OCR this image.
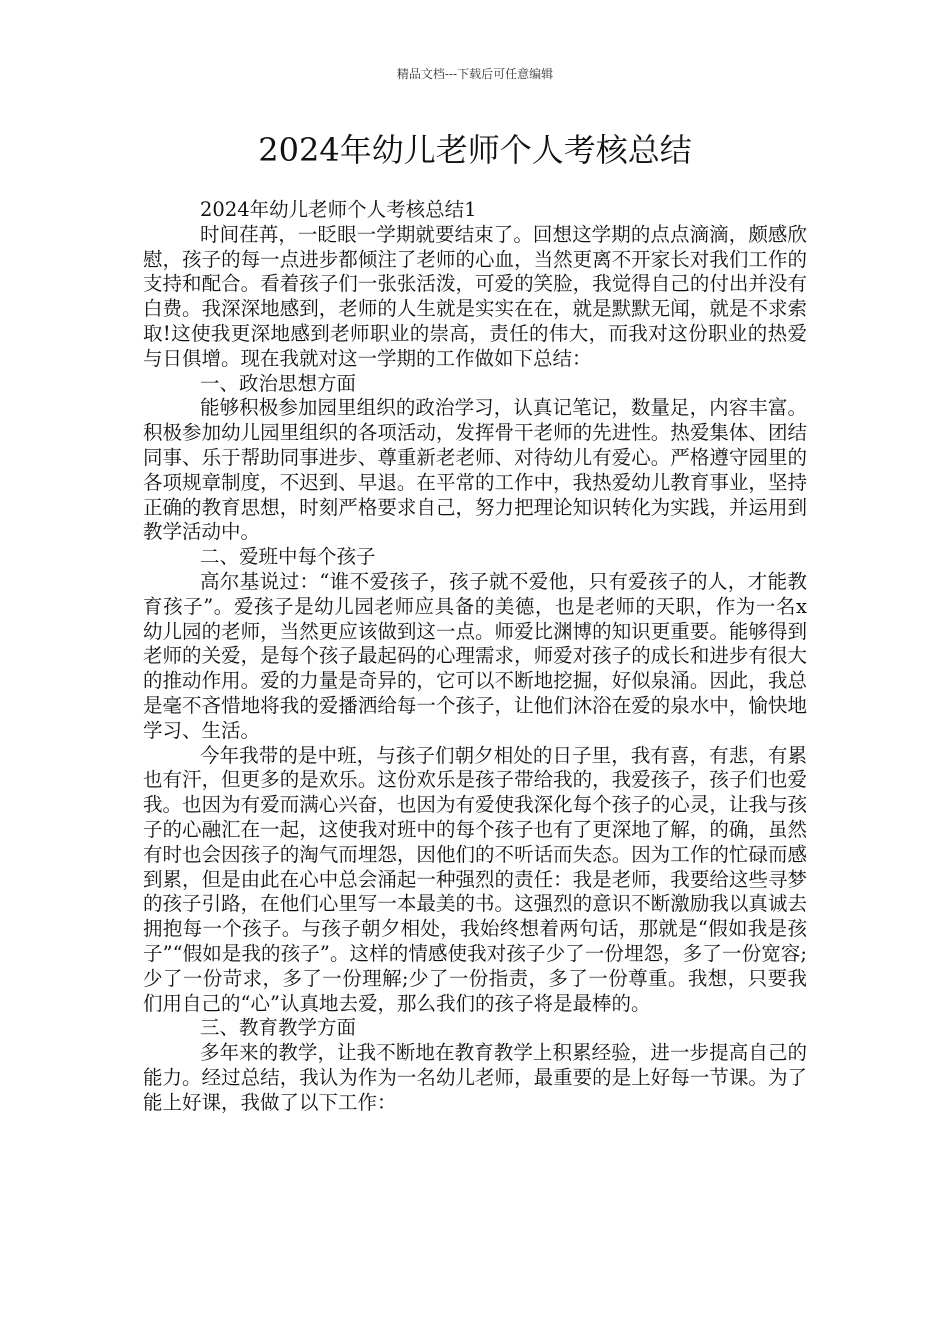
精品文档---下载后可任意编辑
2024年幼儿老师个人考核总结

2024年幼儿老师个人考核总结1

时间荏苒，一眨眼一学期就要结束了。回想这学期的点点滴滴，颇感欣慰，孩子的每一点进步都倾注了老师的心血，当然更离不开家长对我们工作的支持和配合。看着孩子们一张张活泼，可爱的笑脸，我觉得自己的付出并没有白费。我深深地感到，老师的人生就是实实在在，就是默默无闻，就是不求索取!这使我更深地感到老师职业的崇高，责任的伟大，而我对这份职业的热爱与日俱增。现在我就对这一学期的工作做如下总结：

一、政治思想方面

能够积极参加园里组织的政治学习，认真记笔记，数量足，内容丰富。积极参加幼儿园里组织的各项活动，发挥骨干老师的先进性。热爱集体、团结同事、乐于帮助同事进步、尊重新老老师、对待幼儿有爱心。严格遵守园里的各项规章制度，不迟到、早退。在平常的工作中，我热爱幼儿教育事业，坚持正确的教育思想，时刻严格要求自己，努力把理论知识转化为实践，并运用到教学活动中。

二、爱班中每个孩子

高尔基说过：“谁不爱孩子，孩子就不爱他，只有爱孩子的人，才能教育孩子”。爱孩子是幼儿园老师应具备的美德，也是老师的天职，作为一名x幼儿园的老师，当然更应该做到这一点。师爱比渊博的知识更重要。能够得到老师的关爱，是每个孩子最起码的心理需求，师爱对孩子的成长和进步有很大的推动作用。爱的力量是奇异的，它可以不断地挖掘，好似泉涌。因此，我总是毫不吝惜地将我的爱播洒给每一个孩子，让他们沐浴在爱的泉水中，愉快地学习、生活。

今年我带的是中班，与孩子们朝夕相处的日子里，我有喜，有悲，有累也有汗，但更多的是欢乐。这份欢乐是孩子带给我的，我爱孩子，孩子们也爱我。也因为有爱而满心兴奋，也因为有爱使我深化每个孩子的心灵，让我与孩子的心融汇在一起，这使我对班中的每个孩子也有了更深地了解，的确，虽然有时也会因孩子的淘气而埋怨，因他们的不听话而失态。因为工作的忙碌而感到累，但是由此在心中总会涌起一种强烈的责任：我是老师，我要给这些寻梦的孩子引路，在他们心里写一本最美的书。这强烈的意识不断激励我以真诚去拥抱每一个孩子。与孩子朝夕相处，我始终想着两句话，那就是“假如我是孩子”“假如是我的孩子”。这样的情感使我对孩子少了一份埋怨，多了一份宽容;少了一份苛求，多了一份理解;少了一份指责，多了一份尊重。我想，只要我们用自己的“心”认真地去爱，那么我们的孩子将是最棒的。

三、教育教学方面

多年来的教学，让我不断地在教育教学上积累经验，进一步提高自己的能力。经过总结，我认为作为一名幼儿老师，最重要的是上好每一节课。为了能上好课，我做了以下工作：
